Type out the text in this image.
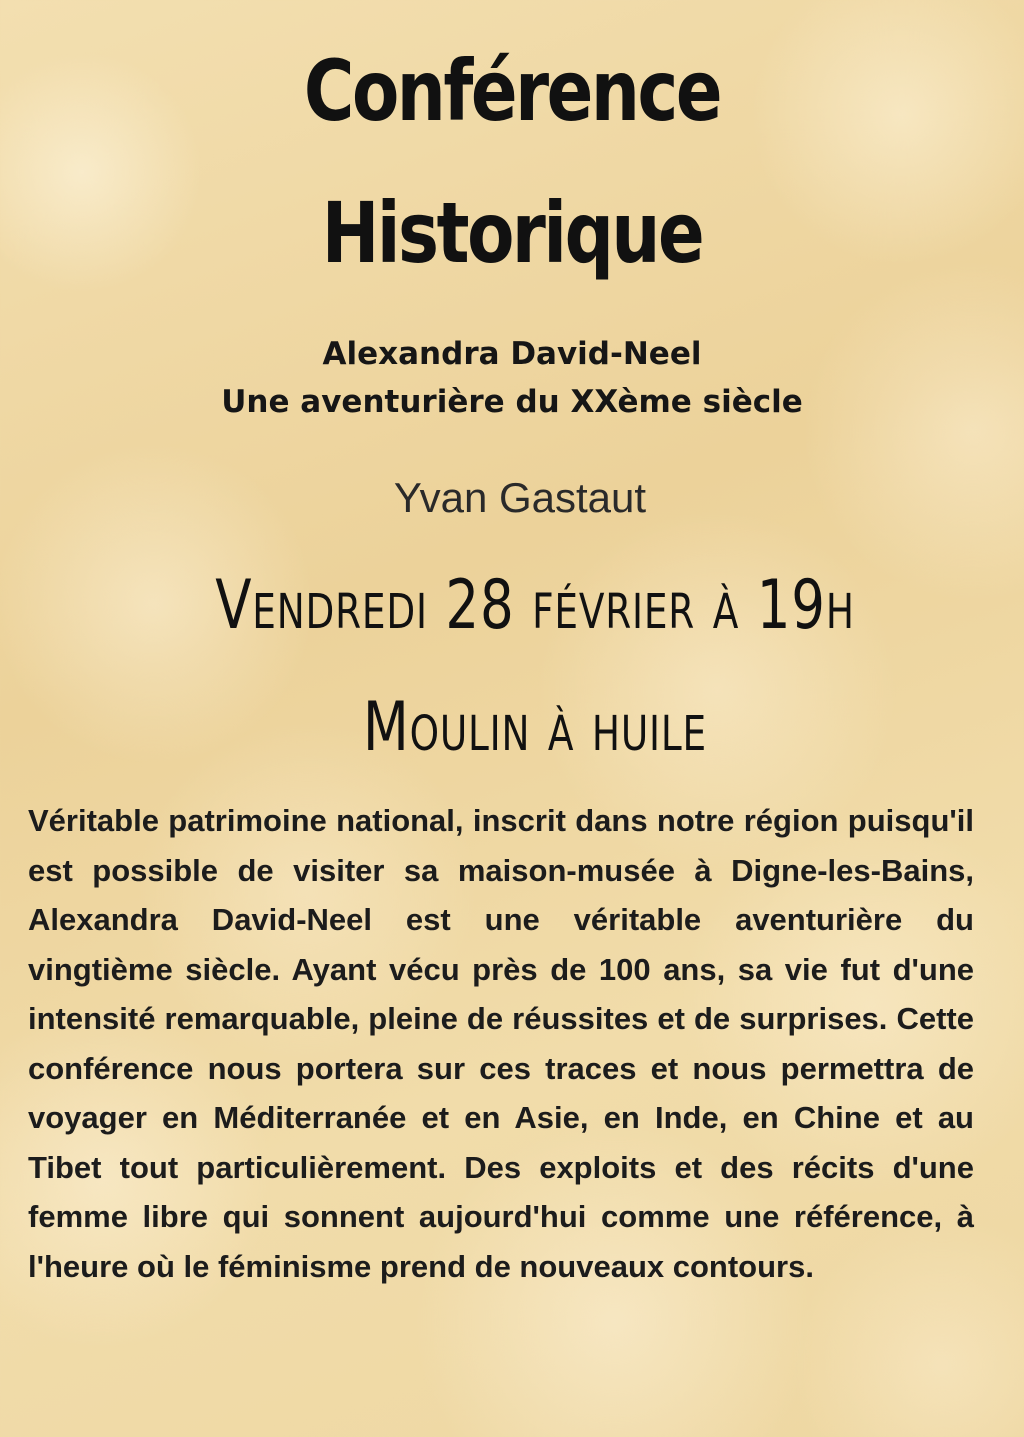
Conférence
Historique

Alexandra David-Neel

Une aventurière du XXème siècle

Yvan Gastaut

Vendredi 28 février à 19h

Moulin à huile

Véritable patrimoine national, inscrit dans notre région puisqu'il est possible de visiter sa maison-musée à Digne-les-Bains, Alexandra David-Neel est une véritable aventurière du vingtième siècle. Ayant vécu près de 100 ans, sa vie fut d'une intensité remarquable, pleine de réussites et de surprises. Cette conférence nous portera sur ces traces et nous permettra de voyager en Méditerranée et en Asie, en Inde, en Chine et au Tibet tout particulièrement. Des exploits et des récits d'une femme libre qui sonnent aujourd'hui comme une référence, à l'heure où le féminisme prend de nouveaux contours.
